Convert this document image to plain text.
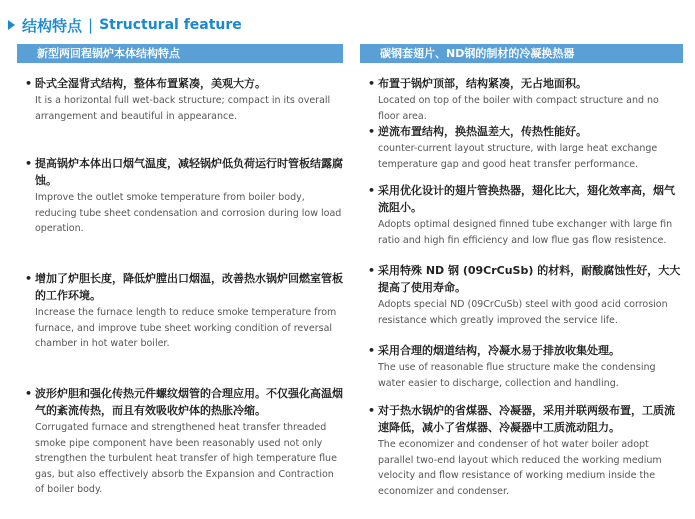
结构特点 | Structural feature
新型两回程锅炉本体结构特点
• 卧式全湿背式结构，整体布置紧凑，美观大方。
It is a horizontal full wet-back structure; compact in its overall arrangement and beautiful in appearance.
• 提高锅炉本体出口烟气温度，减轻锅炉低负荷运行时管板结露腐蚀。
Improve the outlet smoke temperature from boiler body, reducing tube sheet condensation and corrosion during low load operation.
• 增加了炉胆长度，降低炉膛出口烟温，改善热水锅炉回燃室管板的工作环境。
Increase the furnace length to reduce smoke temperature from furnace, and improve tube sheet working condition of reversal chamber in hot water boiler.
• 波形炉胆和强化传热元件螺纹烟管的合理应用。不仅强化高温烟气的紊流传热，而且有效吸收炉体的热胀冷缩。
Corrugated furnace and strengthened heat transfer threaded smoke pipe component have been reasonably used not only strengthen the turbulent heat transfer of high temperature flue gas, but also effectively absorb the Expansion and Contraction of boiler body.
碳钢套翅片、ND钢的制材的冷凝换热器
• 布置于锅炉顶部，结构紧凑，无占地面积。
Located on top of the boiler with compact structure and no floor area.
• 逆流布置结构，换热温差大，传热性能好。
counter-current layout structure, with large heat exchange temperature gap and good heat transfer performance.
• 采用优化设计的翅片管换热器，翅化比大，翅化效率高，烟气流阻小。
Adopts optimal designed finned tube exchanger with large fin ratio and high fin efficiency and low flue gas flow resistence.
• 采用特殊 ND 钢 (09CrCuSb) 的材料，耐酸腐蚀性好，大大提高了使用寿命。
Adopts special ND (09CrCuSb) steel with good acid corrosion resistance which greatly improved the service life.
• 采用合理的烟道结构，冷凝水易于排放收集处理。
The use of reasonable flue structure make the condensing water easier to discharge, collection and handling.
• 对于热水锅炉的省煤器、冷凝器，采用并联两级布置，工质流速降低，减小了省煤器、冷凝器中工质流动阻力。
The economizer and condenser of hot water boiler adopt parallel two-end layout which reduced the working medium velocity and flow resistance of working medium inside the economizer and condenser.
